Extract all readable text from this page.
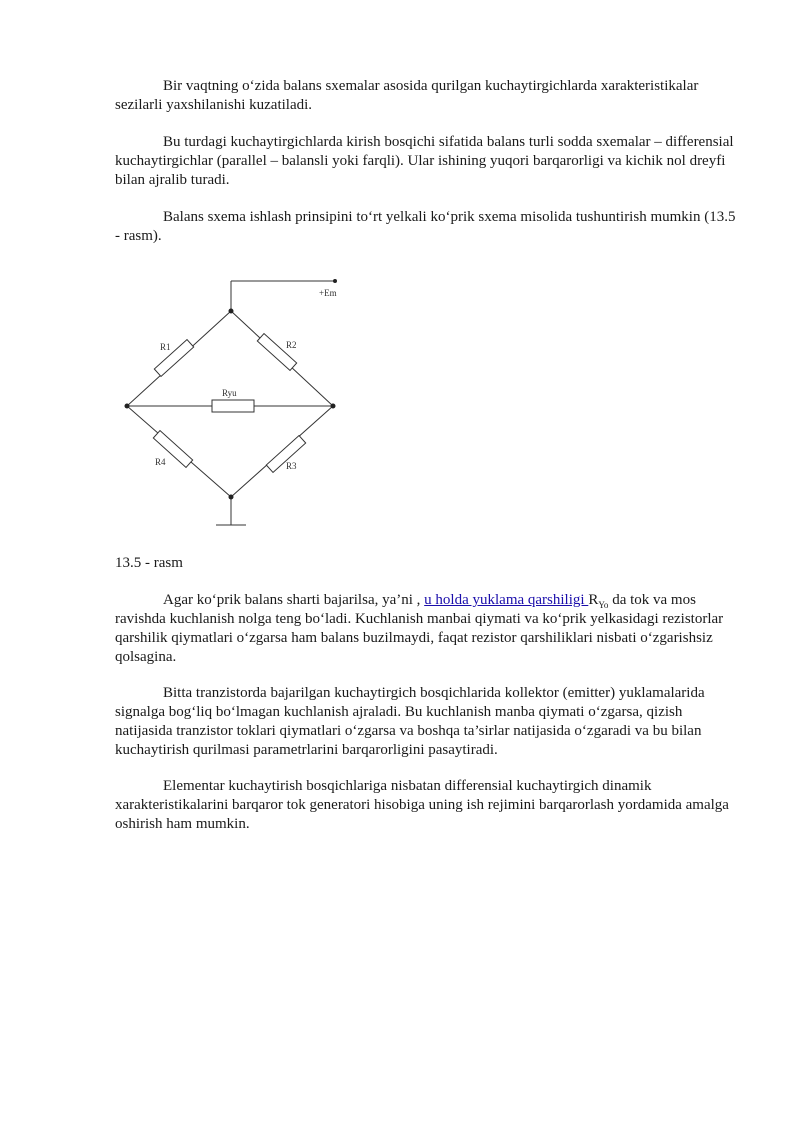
Bir vaqtning o‘zida balans sxemalar asosida qurilgan kuchaytirgichlarda xarakteristikalar sezilarli yaxshilanishi kuzatiladi.

Bu turdagi kuchaytirgichlarda kirish bosqichi sifatida balans turli sodda sxemalar – differensial kuchaytirgichlar (parallel – balansli yoki farqli). Ular ishining yuqori barqarorligi va kichik nol dreyfi bilan ajralib turadi.

Balans sxema ishlash prinsipini to‘rt yelkali ko‘prik sxema misolida tushuntirish mumkin (13.5 - rasm).

+Em
R1	R2
Ryu
R4	R3

13.5 - rasm

Agar ko‘prik balans sharti bajarilsa, ya’ni , u holda yuklama qarshiligi $R_{Yo}$ da tok va mos ravishda kuchlanish nolga teng bo‘ladi. Kuchlanish manbai qiymati va ko‘prik yelkasidagi rezistorlar qarshilik qiymatlari o‘zgarsa ham balans buzilmaydi, faqat rezistor qarshiliklari nisbati o‘zgarishsiz qolsagina.

Bitta tranzistorda bajarilgan kuchaytirgich bosqichlarida kollektor (emitter) yuklamalarida signalga bog‘liq bo‘lmagan kuchlanish ajraladi. Bu kuchlanish manba qiymati o‘zgarsa, qizish natijasida tranzistor toklari qiymatlari o‘zgarsa va boshqa ta’sirlar natijasida o‘zgaradi va bu bilan kuchaytirish qurilmasi parametrlarini barqarorligini pasaytiradi.

Elementar kuchaytirish bosqichlariga nisbatan differensial kuchaytirgich dinamik xarakteristikalarini barqaror tok generatori hisobiga uning ish rejimini barqarorlash yordamida amalga oshirish ham mumkin.
